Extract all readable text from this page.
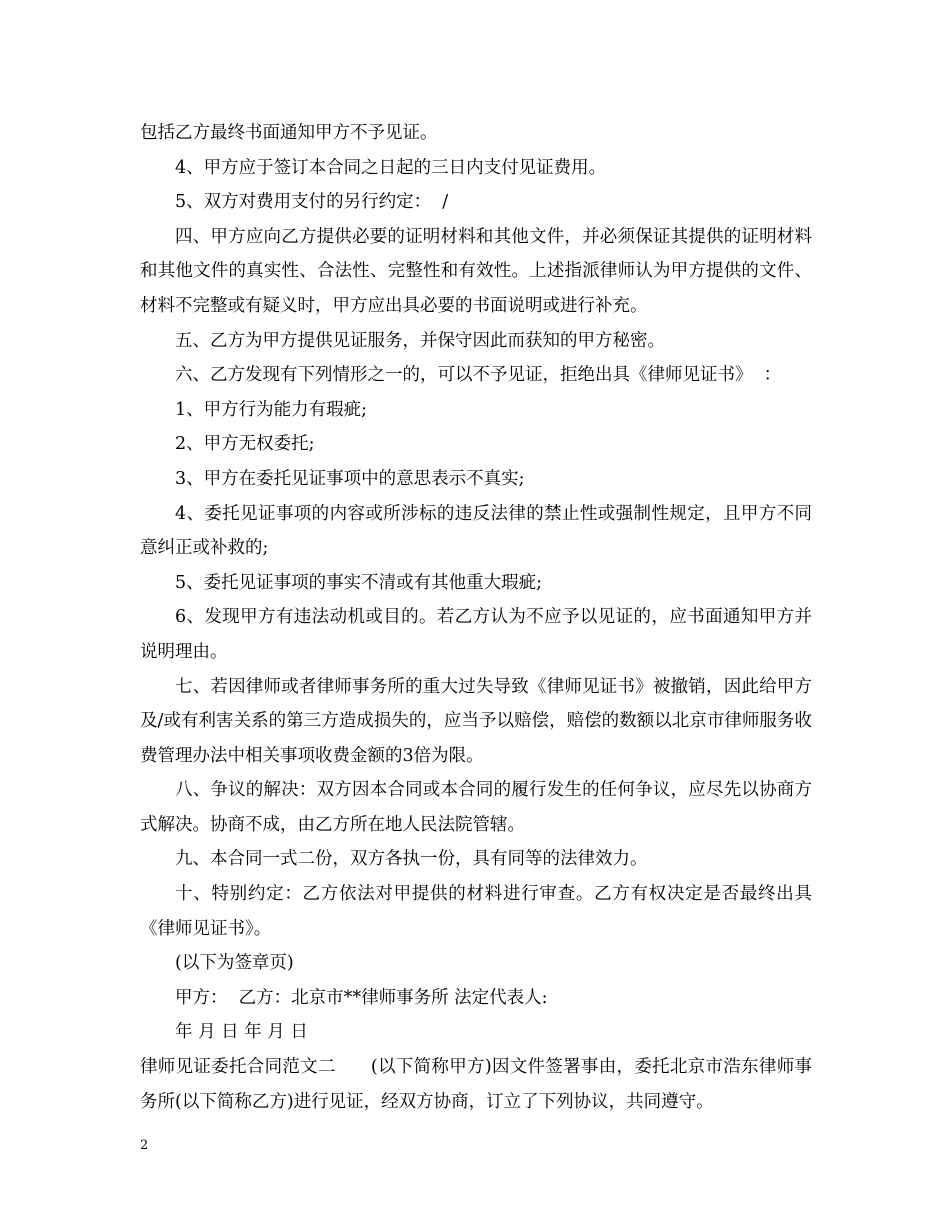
包括乙方最终书面通知甲方不予见证。

4、甲方应于签订本合同之日起的三日内支付见证费用。

5、双方对费用支付的另行约定：  /

四、甲方应向乙方提供必要的证明材料和其他文件，并必须保证其提供的证明材料和其他文件的真实性、合法性、完整性和有效性。上述指派律师认为甲方提供的文件、材料不完整或有疑义时，甲方应出具必要的书面说明或进行补充。

五、乙方为甲方提供见证服务，并保守因此而获知的甲方秘密。

六、乙方发现有下列情形之一的，可以不予见证，拒绝出具《律师见证书》  ：

1、甲方行为能力有瑕疵;

2、甲方无权委托;

3、甲方在委托见证事项中的意思表示不真实;

4、委托见证事项的内容或所涉标的违反法律的禁止性或强制性规定，且甲方不同意纠正或补救的;

5、委托见证事项的事实不清或有其他重大瑕疵;

6、发现甲方有违法动机或目的。若乙方认为不应予以见证的，应书面通知甲方并说明理由。

七、若因律师或者律师事务所的重大过失导致《律师见证书》被撤销，因此给甲方及/或有利害关系的第三方造成损失的，应当予以赔偿，赔偿的数额以北京市律师服务收费管理办法中相关事项收费金额的3倍为限。

八、争议的解决：双方因本合同或本合同的履行发生的任何争议，应尽先以协商方式解决。协商不成，由乙方所在地人民法院管辖。

九、本合同一式二份，双方各执一份，具有同等的法律效力。

十、特别约定：乙方依法对甲提供的材料进行审查。乙方有权决定是否最终出具《律师见证书》。

(以下为签章页)

甲方：  乙方：北京市**律师事务所 法定代表人:

年 月 日 年 月 日

律师见证委托合同范文二      (以下简称甲方)因文件签署事由，委托北京市浩东律师事务所(以下简称乙方)进行见证，经双方协商，订立了下列协议，共同遵守。

2
